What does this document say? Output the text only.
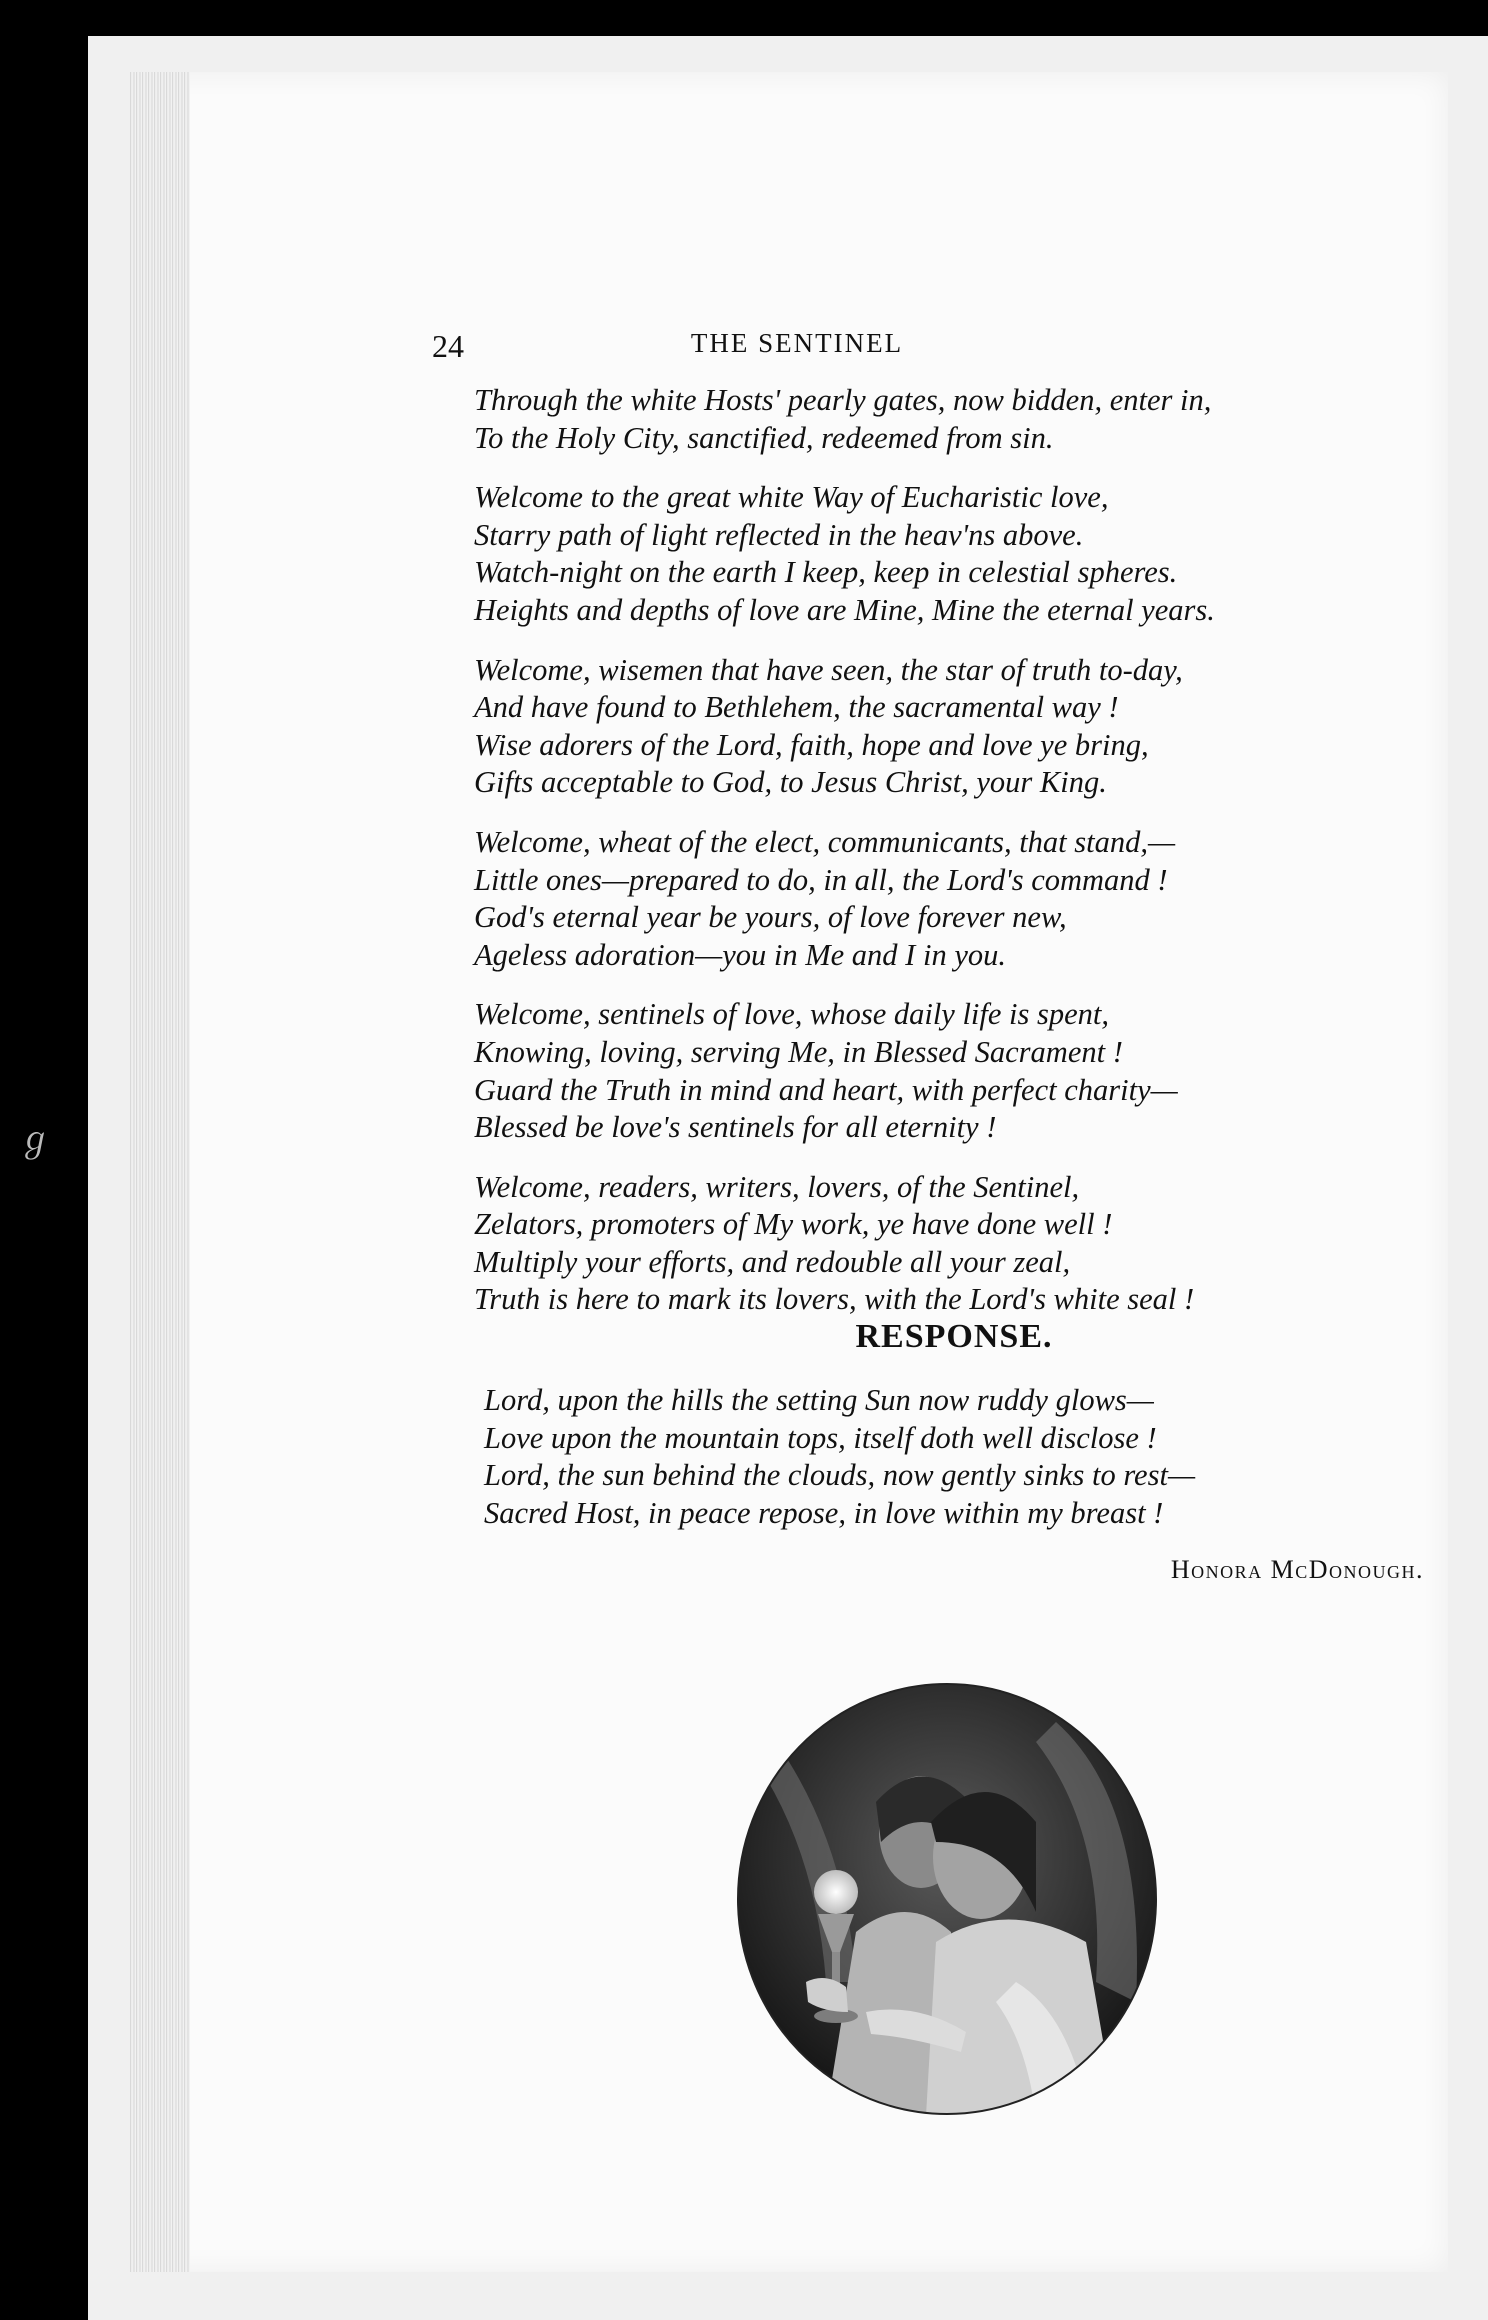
ℊ
24	THE SENTINEL
Through the white Hosts' pearly gates, now bidden, enter in,
To the Holy City, sanctified, redeemed from sin.
Welcome to the great white Way of Eucharistic love,
Starry path of light reflected in the heav'ns above.
Watch-night on the earth I keep, keep in celestial spheres.
Heights and depths of love are Mine, Mine the eternal years.
Welcome, wisemen that have seen, the star of truth to-day,
And have found to Bethlehem, the sacramental way !
Wise adorers of the Lord, faith, hope and love ye bring,
Gifts acceptable to God, to Jesus Christ, your King.
Welcome, wheat of the elect, communicants, that stand,—
Little ones—prepared to do, in all, the Lord's command !
God's eternal year be yours, of love forever new,
Ageless adoration—you in Me and I in you.
Welcome, sentinels of love, whose daily life is spent,
Knowing, loving, serving Me, in Blessed Sacrament !
Guard the Truth in mind and heart, with perfect charity—
Blessed be love's sentinels for all eternity !
Welcome, readers, writers, lovers, of the Sentinel,
Zelators, promoters of My work, ye have done well !
Multiply your efforts, and redouble all your zeal,
Truth is here to mark its lovers, with the Lord's white seal !
RESPONSE.
Lord, upon the hills the setting Sun now ruddy glows—
Love upon the mountain tops, itself doth well disclose !
Lord, the sun behind the clouds, now gently sinks to rest—
Sacred Host, in peace repose, in love within my breast !
Honora McDonough.
